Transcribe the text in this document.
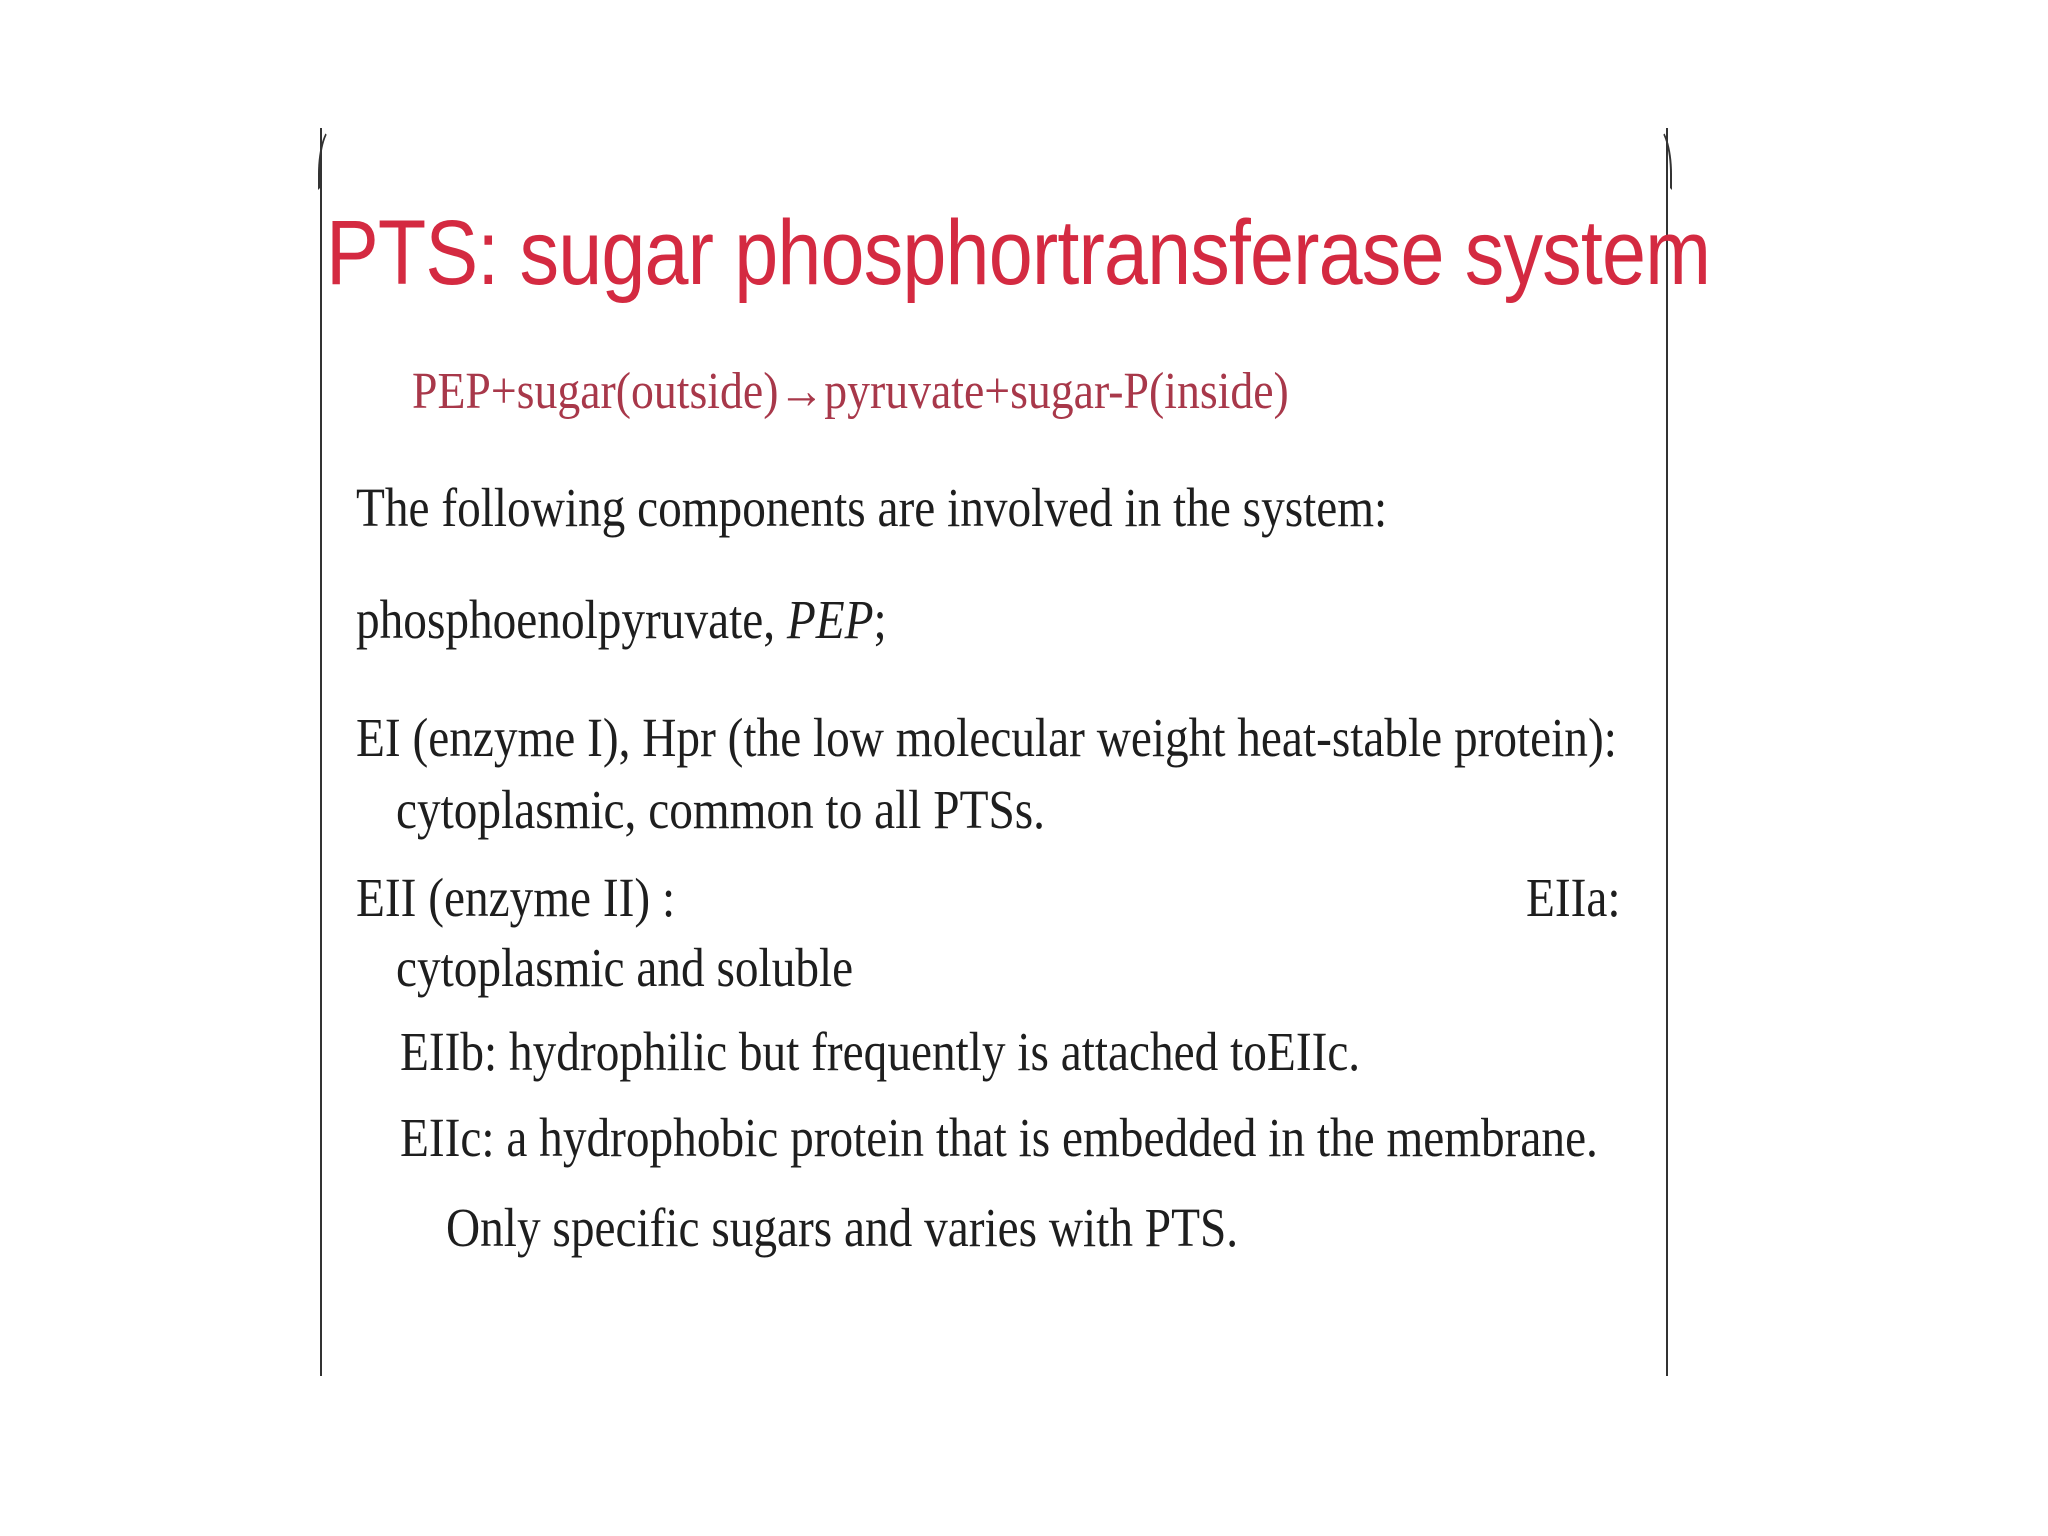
PTS: sugar phosphortransferase system
PEP+sugar(outside)→pyruvate+sugar-P(inside)
The following components are involved in the system:
phosphoenolpyruvate, PEP;
EI (enzyme I), Hpr (the low molecular weight heat-stable protein):
cytoplasmic, common to all PTSs.
EII (enzyme II) :	EIIa:
cytoplasmic and soluble
EIIb: hydrophilic but frequently is attached toEIIc.
EIIc: a hydrophobic protein that is embedded in the membrane.
Only specific sugars and varies with PTS.
